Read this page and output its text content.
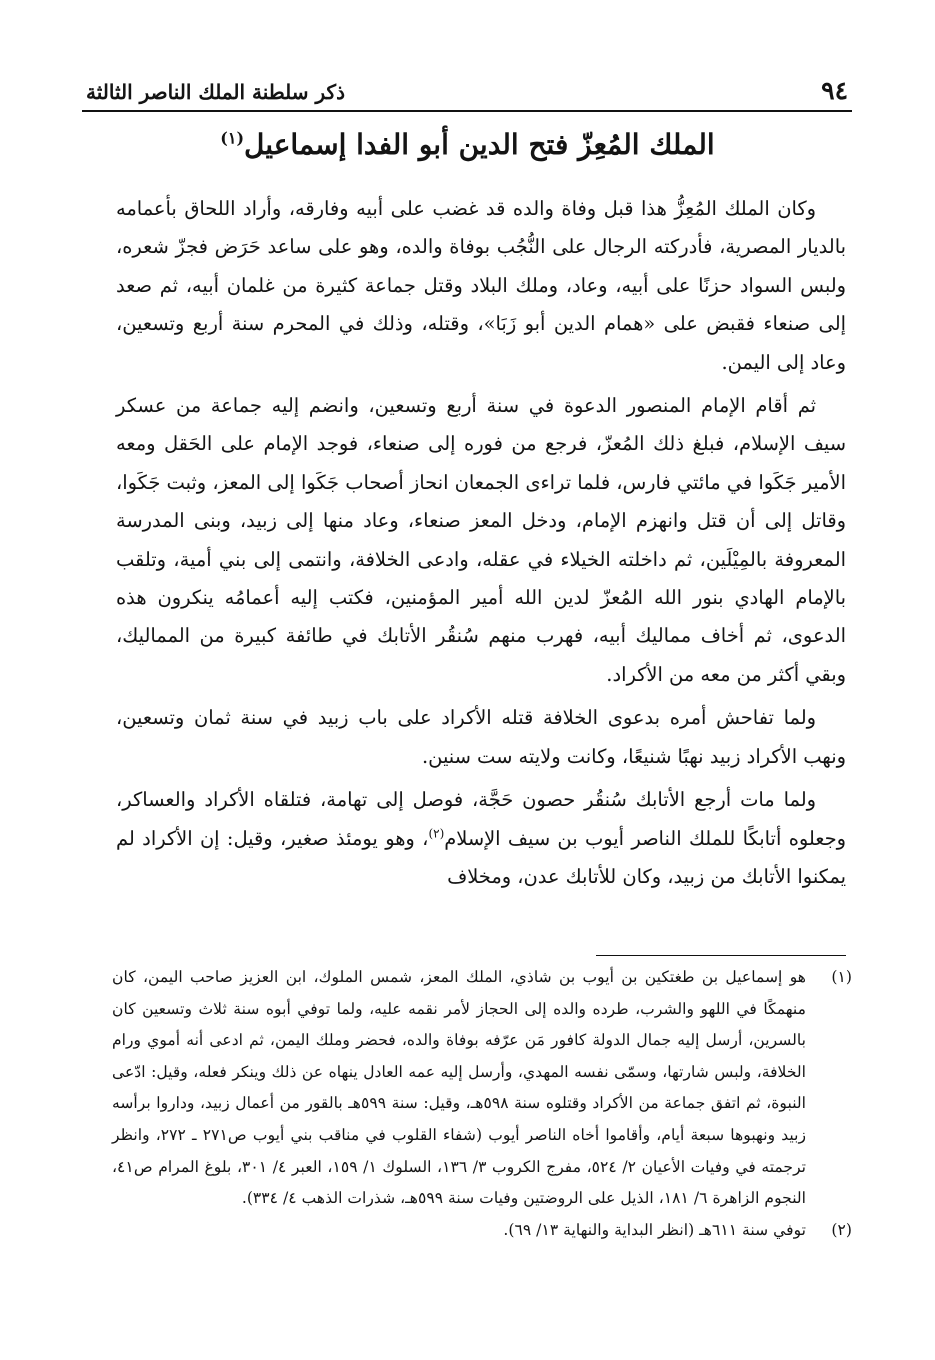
٩٤
ذكر سلطنة الملك الناصر الثالثة
الملك المُعِزّ فتح الدين أبو الفدا إسماعيل$^{(١)}$

وكان الملك المُعِزُّ هذا قبل وفاة والده قد غضب على أبيه وفارقه، وأراد اللحاق بأعمامه بالديار المصرية، فأدركته الرجال على النُّجُب بوفاة والده، وهو على ساعد حَرَض فجزّ شعره، ولبس السواد حزنًا على أبيه، وعاد، وملك البلاد وقتل جماعة كثيرة من غلمان أبيه، ثم صعد إلى صنعاء فقبض على «همام الدين أبو زَبَا»، وقتله، وذلك في المحرم سنة أربع وتسعين، وعاد إلى اليمن.

ثم أقام الإمام المنصور الدعوة في سنة أربع وتسعين، وانضم إليه جماعة من عسكر سيف الإسلام، فبلغ ذلك المُعزّ، فرجع من فوره إلى صنعاء، فوجد الإمام على الحَقل ومعه الأمير جَكَوا في مائتي فارس، فلما تراءى الجمعان انحاز أصحاب جَكَوا إلى المعز، وثبت جَكَوا، وقاتل إلى أن قتل وانهزم الإمام، ودخل المعز صنعاء، وعاد منها إلى زبيد، وبنى المدرسة المعروفة بالمِيْلَين، ثم داخلته الخيلاء في عقله، وادعى الخلافة، وانتمى إلى بني أمية، وتلقب بالإمام الهادي بنور الله المُعزّ لدين الله أمير المؤمنين، فكتب إليه أعمامُه ينكرون هذه الدعوى، ثم أخاف مماليك أبيه، فهرب منهم سُنقُر الأتابك في طائفة كبيرة من المماليك، وبقي أكثر من معه من الأكراد.

ولما تفاحش أمره بدعوى الخلافة قتله الأكراد على باب زبيد في سنة ثمان وتسعين، ونهب الأكراد زبيد نهبًا شنيعًا، وكانت ولايته ست سنين.

ولما مات أرجع الأتابك سُنقُر حصون حَجَّة، فوصل إلى تهامة، فتلقاه الأكراد والعساكر، وجعلوه أتابكًا للملك الناصر أيوب بن سيف الإسلام$^{(٢)}$، وهو يومئذ صغير، وقيل: إن الأكراد لم يمكنوا الأتابك من زبيد، وكان للأتابك عدن، ومخلاف

(١)
هو إسماعيل بن طغتكين بن أيوب بن شاذي، الملك المعز، شمس الملوك، ابن العزيز صاحب اليمن، كان منهمكًا في اللهو والشرب، طرده والده إلى الحجاز لأمر نقمه عليه، ولما توفي أبوه سنة ثلاث وتسعين كان بالسرين، أرسل إليه جمال الدولة كافور مَن عرّفه بوفاة والده، فحضر وملك اليمن، ثم ادعى أنه أموي ورام الخلافة، ولبس شارتها، وسمّى نفسه المهدي، وأرسل إليه عمه العادل ينهاه عن ذلك وينكر فعله، وقيل: ادّعى النبوة، ثم اتفق جماعة من الأكراد وقتلوه سنة ٥٩٨هـ، وقيل: سنة ٥٩٩هـ بالقور من أعمال زبيد، وداروا برأسه زبيد ونهبوها سبعة أيام، وأقاموا أخاه الناصر أيوب (شفاء القلوب في مناقب بني أيوب ص٢٧١ ـ ٢٧٢، وانظر ترجمته في وفيات الأعيان ٢/ ٥٢٤، مفرج الكروب ٣/ ١٣٦، السلوك ١/ ١٥٩، العبر ٤/ ٣٠١، بلوغ المرام ص٤١، النجوم الزاهرة ٦/ ١٨١، الذيل على الروضتين وفيات سنة ٥٩٩هـ، شذرات الذهب ٤/ ٣٣٤).
(٢)
توفي سنة ٦١١هـ (انظر البداية والنهاية ١٣/ ٦٩).
